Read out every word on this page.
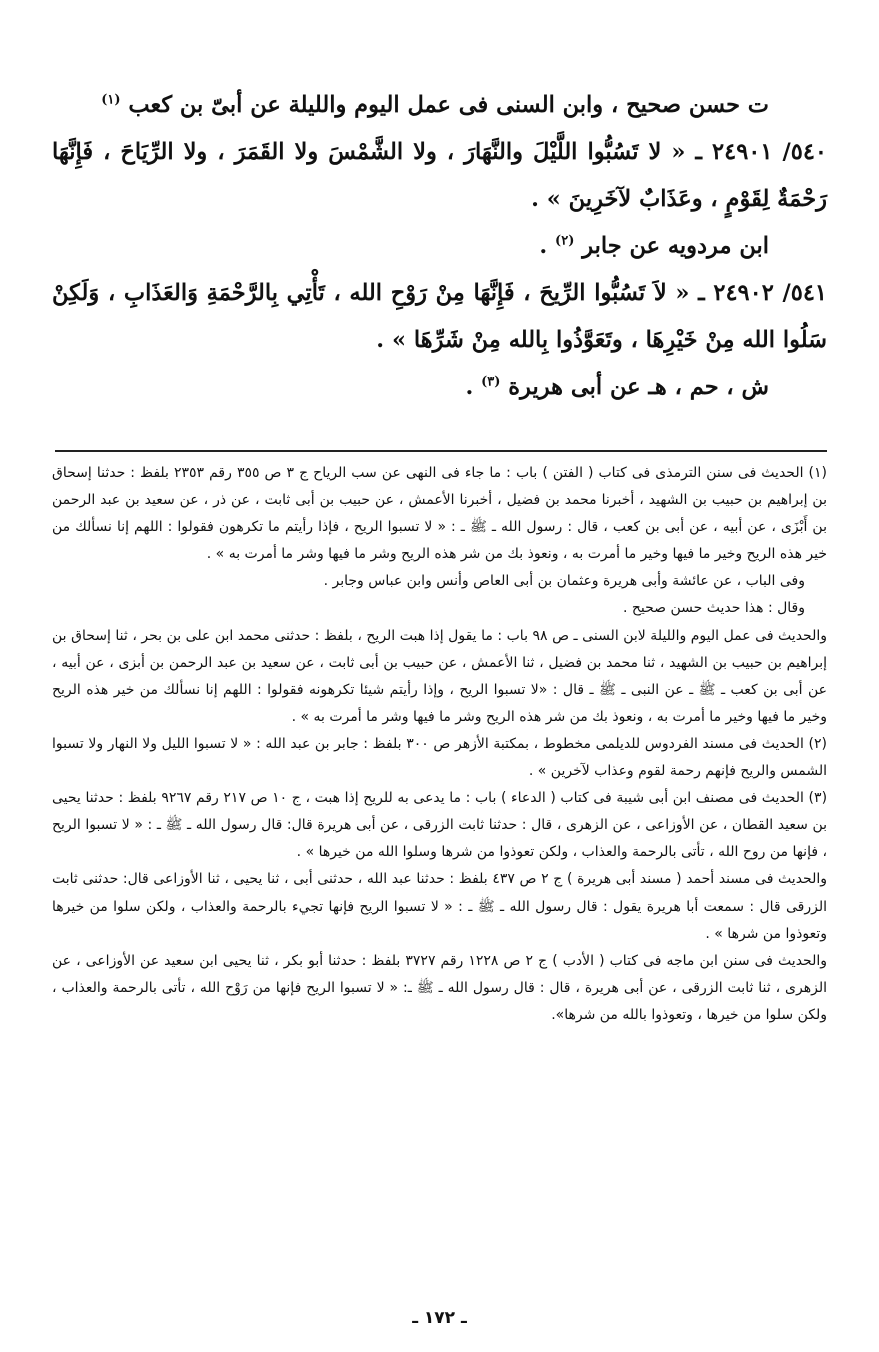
ت حسن صحيح ، وابن السنى فى عمل اليوم والليلة عن أبىّ بن كعب $^{(١)}$

٥٤٠/ ٢٤٩٠١ ـ « لا تَسُبُّوا اللَّيْلَ والنَّهَارَ ، ولا الشَّمْسَ ولا القَمَرَ ، ولا الرِّيَاحَ ، فَإِنَّهَا رَحْمَةٌ لِقَوْمٍ ، وعَذَابٌ لآخَرِينَ » .

ابن مردويه عن جابر $^{(٢)}$ .

٥٤١/ ٢٤٩٠٢ ـ « لاَ تَسُبُّوا الرِّيحَ ، فَإِنَّهَا مِنْ رَوْحِ الله ، تَأْتِي بِالرَّحْمَةِ وَالعَذَابِ ، وَلَكِنْ سَلُوا الله مِنْ خَيْرِهَا ، وتَعَوَّذُوا بِالله مِنْ شَرِّهَا » .

ش ، حم ، هـ عن أبى هريرة $^{(٣)}$ .

(١) الحديث فى سنن الترمذى فى كتاب ( الفتن ) باب : ما جاء فى النهى عن سب الرياح ج ٣ ص ٣٥٥ رقم ٢٣٥٣ بلفظ : حدثنا إسحاق بن إبراهيم بن حبيب بن الشهيد ، أخبرنا محمد بن فضيل ، أخبرنا الأعمش ، عن حبيب بن أبى ثابت ، عن ذر ، عن سعيد بن عبد الرحمن بن أَبْزَى ، عن أبيه ، عن أبى بن كعب ، قال : رسول الله ـ ﷺ ـ : « لا تسبوا الريح ، فإذا رأيتم ما تكرهون فقولوا : اللهم إنا نسألك من خير هذه الريح وخير ما فيها وخير ما أمرت به ، ونعوذ بك من شر هذه الريح وشر ما فيها وشر ما أمرت به » .

وفى الباب ، عن عائشة وأبى هريرة وعثمان بن أبى العاص وأنس وابن عباس وجابر .

وقال : هذا حديث حسن صحيح .

والحديث فى عمل اليوم والليلة لابن السنى ـ ص ٩٨ باب : ما يقول إذا هبت الريح ، بلفظ : حدثنى محمد ابن على بن بحر ، ثنا إسحاق بن إبراهيم بن حبيب بن الشهيد ، ثنا محمد بن فضيل ، ثنا الأعمش ، عن حبيب بن أبى ثابت ، عن سعيد بن عبد الرحمن بن أبزى ، عن أبيه ، عن أبى بن كعب ـ ﷺ ـ عن النبى ـ ﷺ ـ قال : «لا تسبوا الريح ، وإذا رأيتم شيئا تكرهونه فقولوا : اللهم إنا نسألك من خير هذه الريح وخير ما فيها وخير ما أمرت به ، ونعوذ بك من شر هذه الريح وشر ما فيها وشر ما أمرت به » .

(٢) الحديث فى مسند الفردوس للديلمى مخطوط ، بمكتبة الأزهر ص ٣٠٠ بلفظ : جابر بن عبد الله : « لا تسبوا الليل ولا النهار ولا تسبوا الشمس والريح فإنهم رحمة لقوم وعذاب لآخرين » .

(٣) الحديث فى مصنف ابن أبى شيبة فى كتاب ( الدعاء ) باب : ما يدعى به للريح إذا هبت ، ج ١٠ ص ٢١٧ رقم ٩٢٦٧ بلفظ : حدثنا يحيى بن سعيد القطان ، عن الأوزاعى ، عن الزهرى ، قال : حدثنا ثابت الزرقى ، عن أبى هريرة قال: قال رسول الله ـ ﷺ ـ : « لا تسبوا الريح ، فإنها من روح الله ، تأتى بالرحمة والعذاب ، ولكن تعوذوا من شرها وسلوا الله من خيرها » .

والحديث فى مسند أحمد ( مسند أبى هريرة ) ج ٢ ص ٤٣٧ بلفظ : حدثنا عبد الله ، حدثنى أبى ، ثنا يحيى ، ثنا الأوزاعى قال: حدثنى ثابت الزرقى قال : سمعت أبا هريرة يقول : قال رسول الله ـ ﷺ ـ : « لا تسبوا الريح فإنها تجيء بالرحمة والعذاب ، ولكن سلوا من خيرها وتعوذوا من شرها » .

والحديث فى سنن ابن ماجه فى كتاب ( الأدب ) ج ٢ ص ١٢٢٨ رقم ٣٧٢٧ بلفظ : حدثنا أبو بكر ، ثنا يحيى ابن سعيد عن الأوزاعى ، عن الزهرى ، ثنا ثابت الزرقى ، عن أبى هريرة ، قال : قال رسول الله ـ ﷺ ـ: « لا تسبوا الريح فإنها من رَوْح الله ، تأتى بالرحمة والعذاب ، ولكن سلوا من خيرها ، وتعوذوا بالله من شرها».

ـ ١٧٢ ـ
